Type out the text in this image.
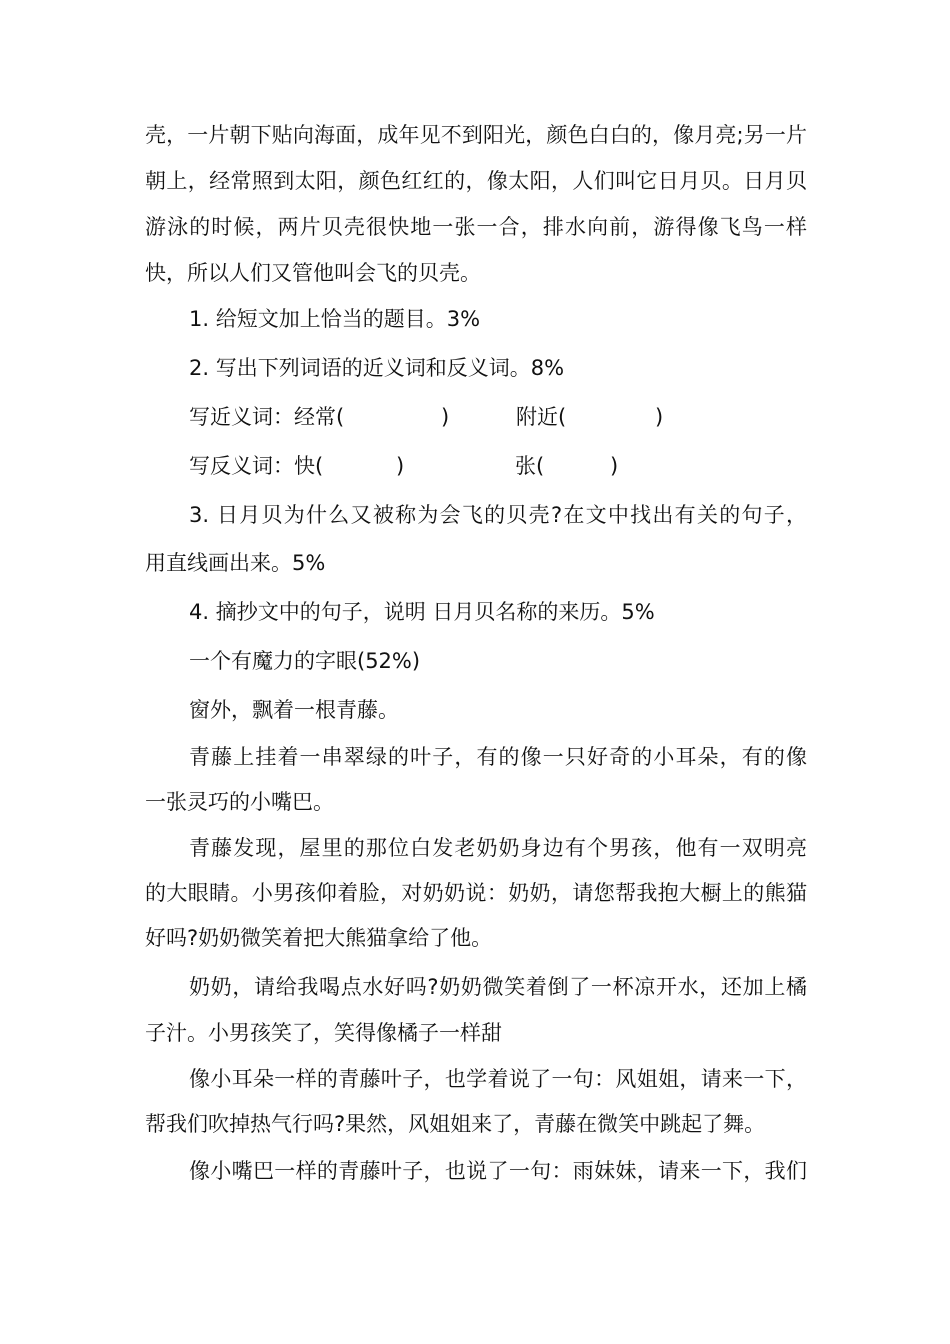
壳，一片朝下贴向海面，成年见不到阳光，颜色白白的，像月亮;另一片
朝上，经常照到太阳，颜色红红的，像太阳，人们叫它日月贝。日月贝
游泳的时候，两片贝壳很快地一张一合，排水向前，游得像飞鸟一样
快，所以人们又管他叫会飞的贝壳。
1. 给短文加上恰当的题目。3%
2. 写出下列词语的近义词和反义词。8%
写近义词：经常(	)	附近(	)
写反义词：快(	)	张(	)
3. 日月贝为什么又被称为会飞的贝壳?在文中找出有关的句子，
用直线画出来。5%
4. 摘抄文中的句子，说明 日月贝名称的来历。5%
一个有魔力的字眼(52%)
窗外，飘着一根青藤。
青藤上挂着一串翠绿的叶子，有的像一只好奇的小耳朵，有的像
一张灵巧的小嘴巴。
青藤发现，屋里的那位白发老奶奶身边有个男孩，他有一双明亮
的大眼睛。小男孩仰着脸，对奶奶说：奶奶，请您帮我抱大橱上的熊猫
好吗?奶奶微笑着把大熊猫拿给了他。
奶奶，请给我喝点水好吗?奶奶微笑着倒了一杯凉开水，还加上橘
子汁。小男孩笑了，笑得像橘子一样甜
像小耳朵一样的青藤叶子，也学着说了一句：风姐姐，请来一下，
帮我们吹掉热气行吗?果然，风姐姐来了，青藤在微笑中跳起了舞。
像小嘴巴一样的青藤叶子，也说了一句：雨妹妹，请来一下，我们
